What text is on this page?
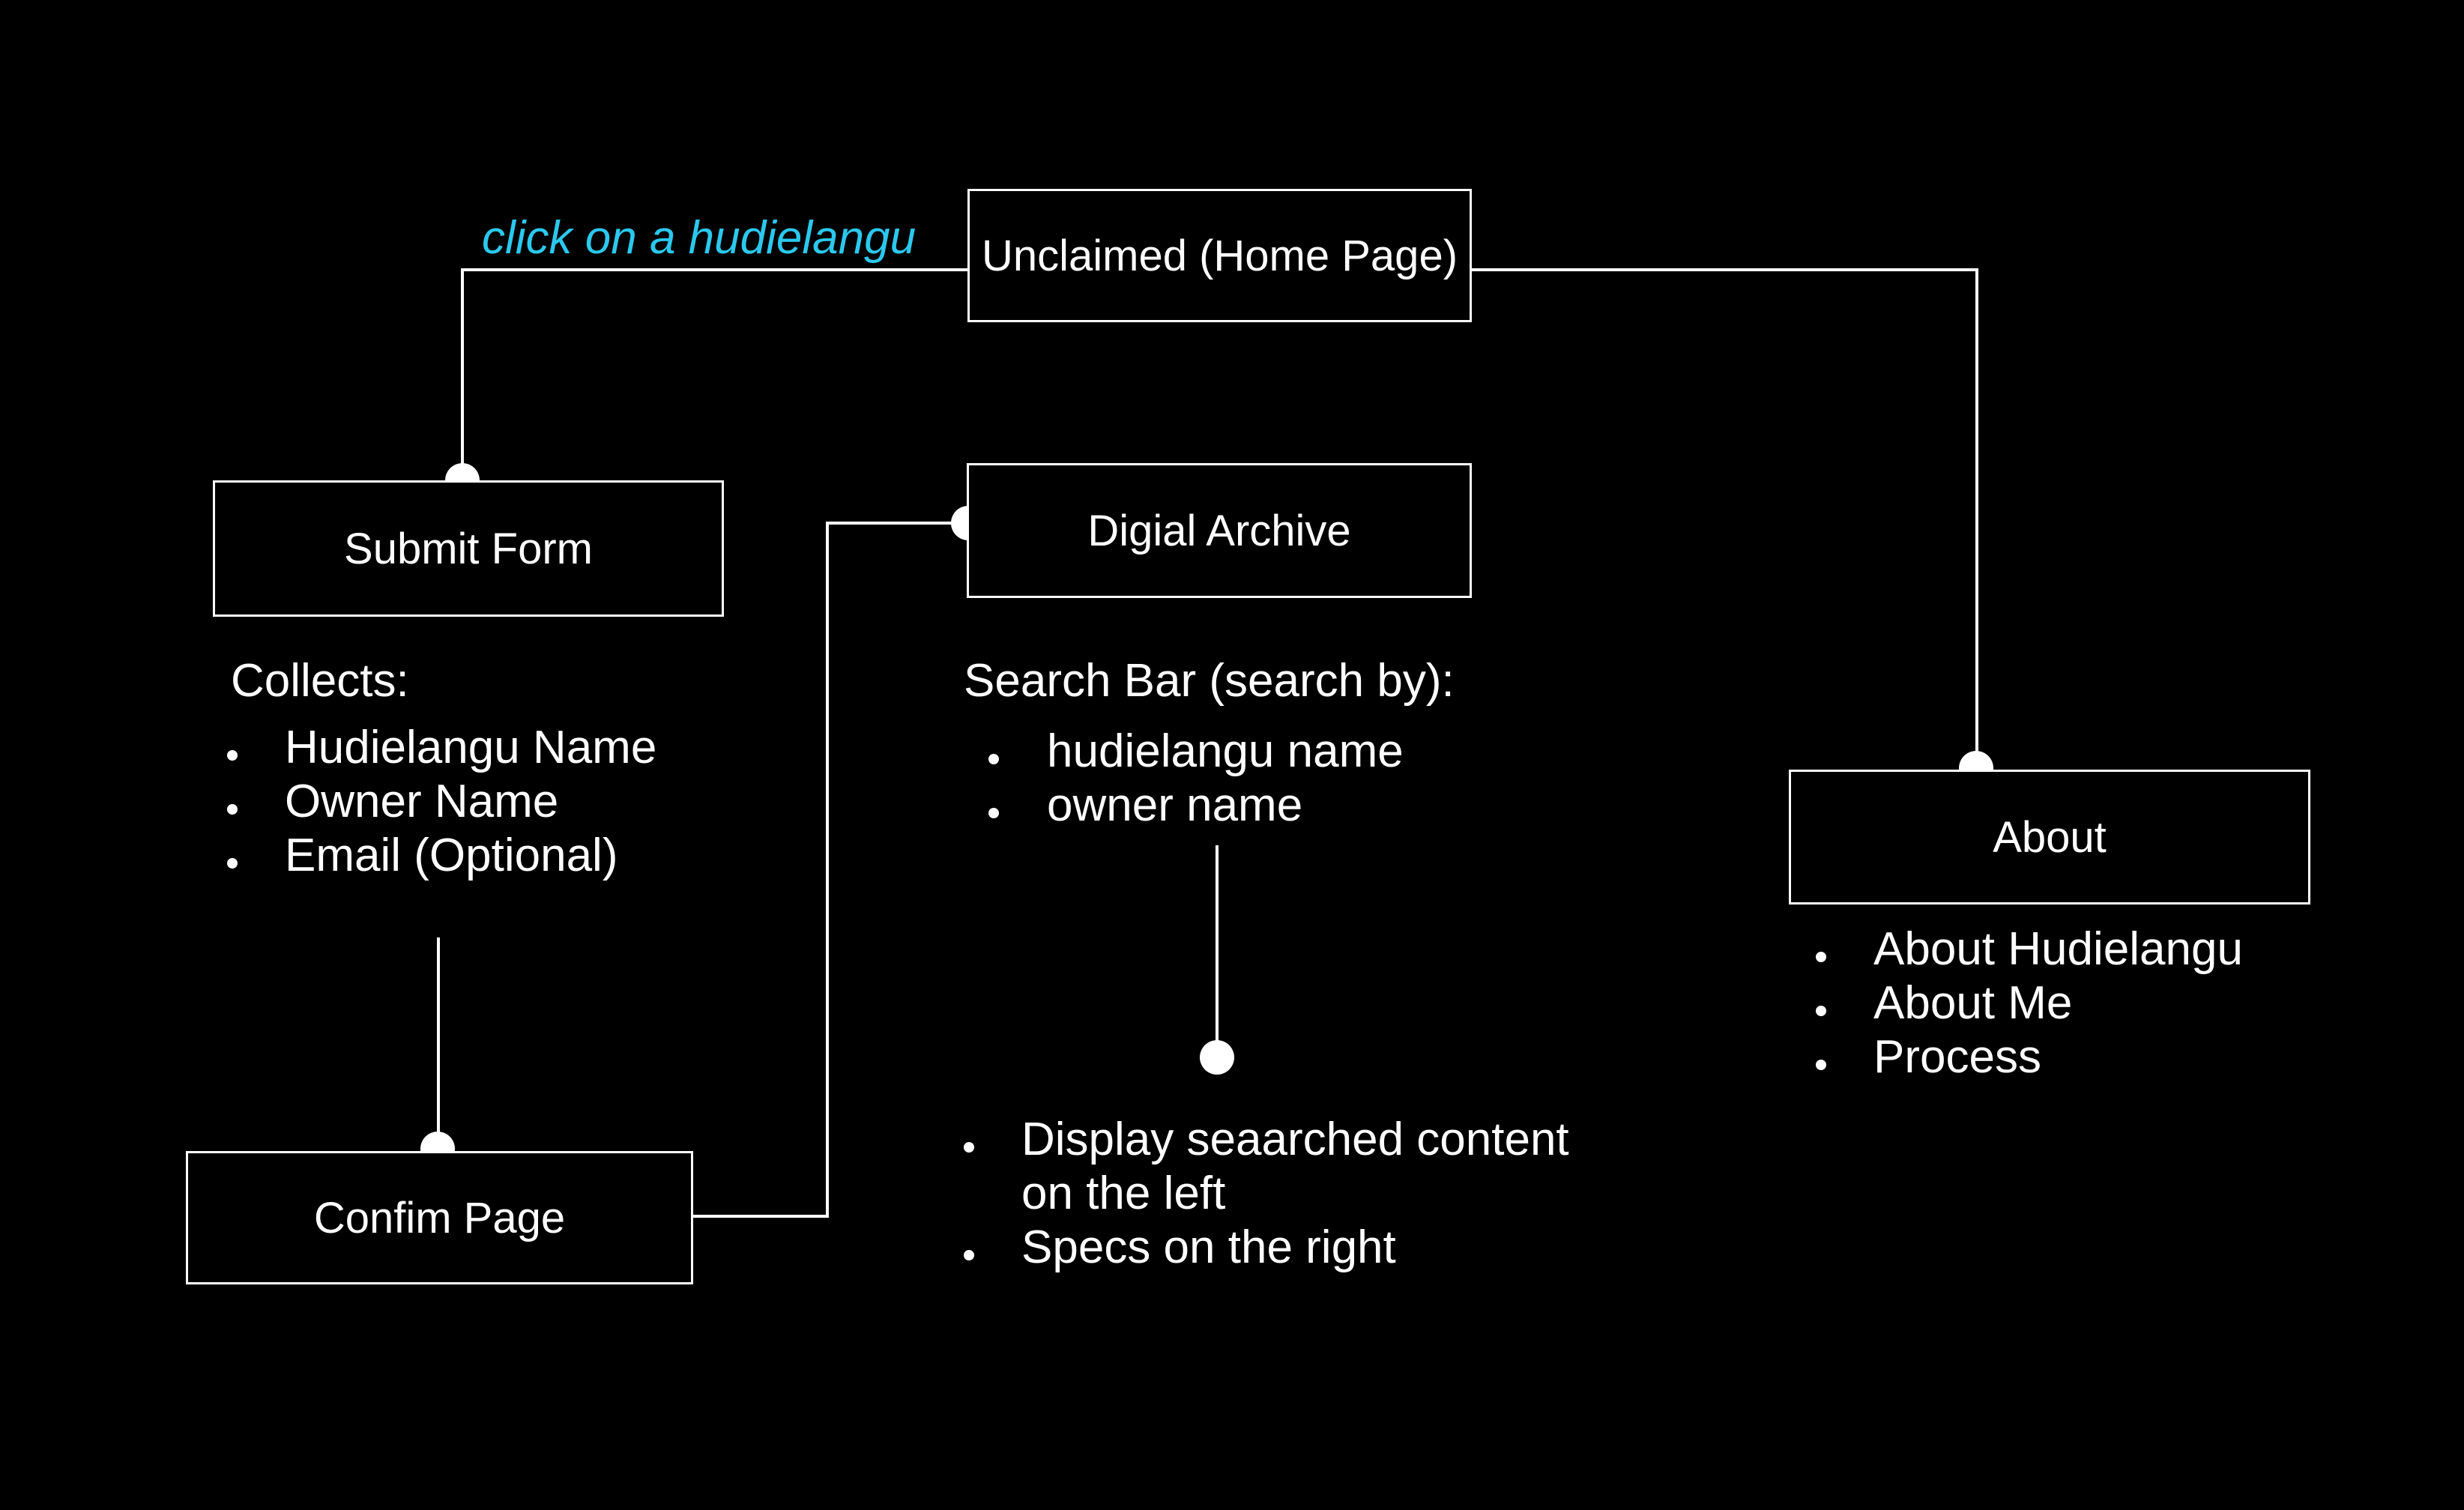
click on a hudielangu Unclaimed (Home Page)
Submit Form	Digial Archive
About
Confim Page
Collects:
Hudielangu Name
Owner Name
Email (Optional)
Search Bar (search by):
hudielangu name
owner name
Display seaarched content on the left
Specs on the right
About Hudielangu
About Me
Process
